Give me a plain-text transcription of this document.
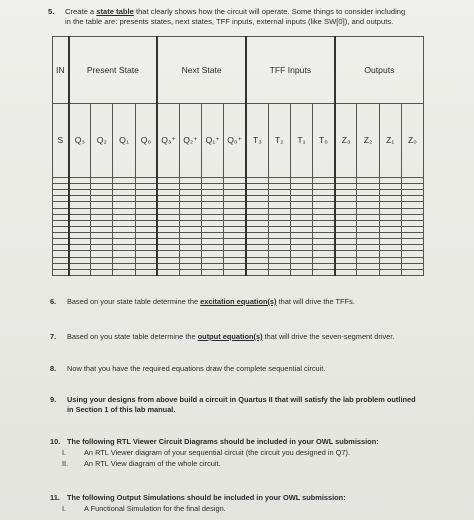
5. Create a state table that clearly shows how the circuit will operate. Some things to consider including
in the table are: presents states, next states, TFF inputs, external inputs (like SW[0]), and outputs.
IN	Present State				Next State				TFF Inputs				Outputs			
S	Q₃	Q₂	Q₁	Q₀	Q₃⁺	Q₂⁺	Q₁⁺	Q₀⁺	T₃	T₂	T₁	T₀	Z₃	Z₂	Z₁	Z₀

6. Based on your state table determine the excitation equation(s) that will drive the TFFs.
7. Based on you state table determine the output equation(s) that will drive the seven-segment driver.
8. Now that you have the required equations draw the complete sequential circuit.
9. Using your designs from above build a circuit in Quartus II that will satisfy the lab problem outlined
in Section 1 of this lab manual.
10. The following RTL Viewer Circuit Diagrams should be included in your OWL submission:
I. An RTL Viewer diagram of your sequential circuit (the circuit you designed in Q7).
II. An RTL View diagram of the whole circuit.
11. The following Output Simulations should be included in your OWL submission:
I. A Functional Simulation for the final design.
